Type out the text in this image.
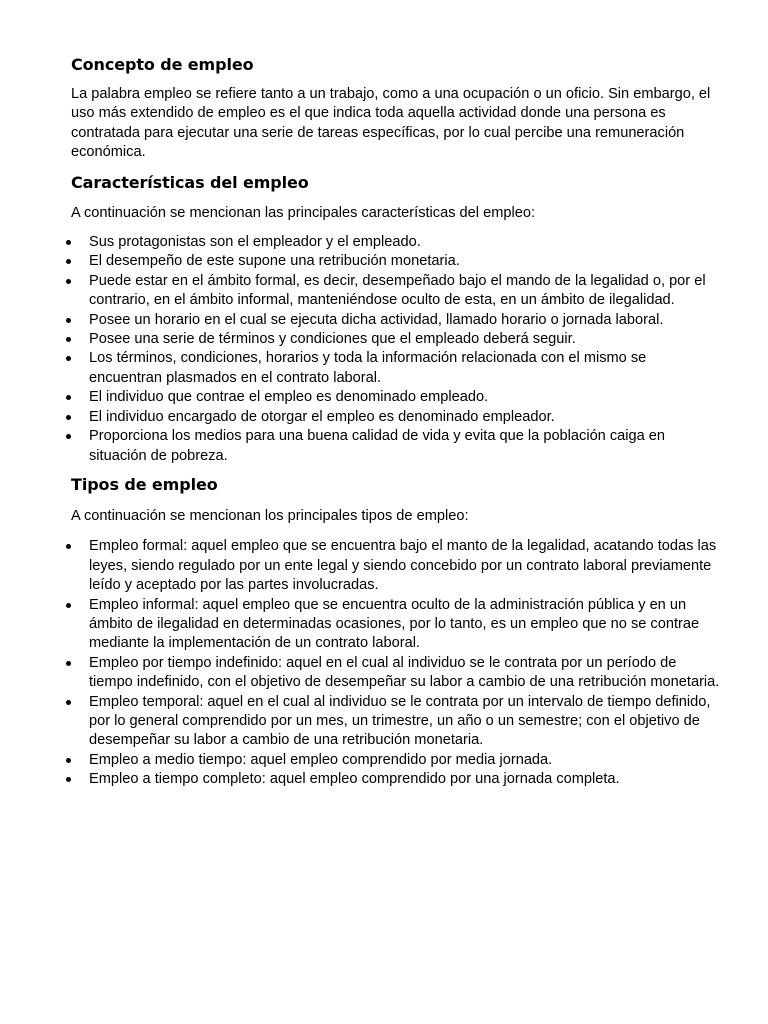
Concepto de empleo

La palabra empleo se refiere tanto a un trabajo, como a una ocupación o un oficio. Sin embargo, el uso más extendido de empleo es el que indica toda aquella actividad donde una persona es contratada para ejecutar una serie de tareas específicas, por lo cual percibe una remuneración económica.

Características del empleo

A continuación se mencionan las principales características del empleo:

Sus protagonistas son el empleador y el empleado.
El desempeño de este supone una retribución monetaria.
Puede estar en el ámbito formal, es decir, desempeñado bajo el mando de la legalidad o, por el contrario, en el ámbito informal, manteniéndose oculto de esta, en un ámbito de ilegalidad.
Posee un horario en el cual se ejecuta dicha actividad, llamado horario o jornada laboral.
Posee una serie de términos y condiciones que el empleado deberá seguir.
Los términos, condiciones, horarios y toda la información relacionada con el mismo se encuentran plasmados en el contrato laboral.
El individuo que contrae el empleo es denominado empleado.
El individuo encargado de otorgar el empleo es denominado empleador.
Proporciona los medios para una buena calidad de vida y evita que la población caiga en situación de pobreza.
Tipos de empleo

A continuación se mencionan los principales tipos de empleo:

Empleo formal: aquel empleo que se encuentra bajo el manto de la legalidad, acatando todas las leyes, siendo regulado por un ente legal y siendo concebido por un contrato laboral previamente leído y aceptado por las partes involucradas.
Empleo informal: aquel empleo que se encuentra oculto de la administración pública y en un ámbito de ilegalidad en determinadas ocasiones, por lo tanto, es un empleo que no se contrae mediante la implementación de un contrato laboral.
Empleo por tiempo indefinido: aquel en el cual al individuo se le contrata por un período de tiempo indefinido, con el objetivo de desempeñar su labor a cambio de una retribución monetaria.
Empleo temporal: aquel en el cual al individuo se le contrata por un intervalo de tiempo definido, por lo general comprendido por un mes, un trimestre, un año o un semestre; con el objetivo de desempeñar su labor a cambio de una retribución monetaria.
Empleo a medio tiempo: aquel empleo comprendido por media jornada.
Empleo a tiempo completo: aquel empleo comprendido por una jornada completa.
